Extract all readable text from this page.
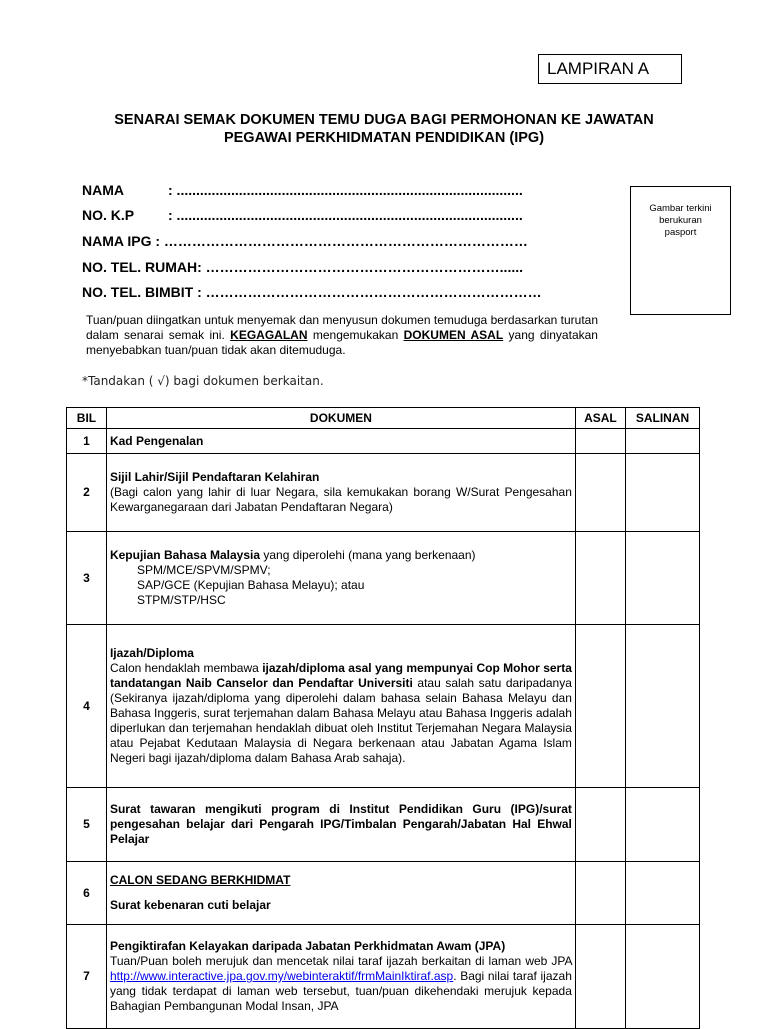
LAMPIRAN A
SENARAI SEMAK DOKUMEN TEMU DUGA BAGI PERMOHONAN KE JAWATAN
PEGAWAI PERKHIDMATAN PENDIDIKAN (IPG)
NAMA	: .........................................................................................
NO. K.P : .........................................................................................
NAMA IPG : ……………………………………………………………………
NO. TEL. RUMAH: ………………………………………………………......
NO. TEL. BIMBIT : ………………………………………………………………
Gambar terkini berukuran pasport
Tuan/puan diingatkan untuk menyemak dan menyusun dokumen temuduga berdasarkan turutan dalam senarai semak ini. KEGAGALAN mengemukakan DOKUMEN ASAL yang dinyatakan menyebabkan tuan/puan tidak akan ditemuduga.
*Tandakan ( √) bagi dokumen berkaitan.
BIL	DOKUMEN	ASAL	SALINAN
1	Kad Pengenalan		
2	Sijil Lahir/Sijil Pendaftaran Kelahiran
(Bagi calon yang lahir di luar Negara, sila kemukakan borang W/Surat Pengesahan Kewarganegaraan dari Jabatan Pendaftaran Negara)		

3	Kepujian Bahasa Malaysia yang diperolehi (mana yang berkenaan)
SPM/MCE/SPVM/SPMV;
SAP/GCE (Kepujian Bahasa Melayu); atau
STPM/STP/HSC		

4	Ijazah/Diploma
Calon hendaklah membawa ijazah/diploma asal yang mempunyai Cop Mohor serta tandatangan Naib Canselor dan Pendaftar Universiti atau salah satu daripadanya (Sekiranya ijazah/diploma yang diperolehi dalam bahasa selain Bahasa Melayu dan Bahasa Inggeris, surat terjemahan dalam Bahasa Melayu atau Bahasa Inggeris adalah diperlukan dan terjemahan hendaklah dibuat oleh Institut Terjemahan Negara Malaysia atau Pejabat Kedutaan Malaysia di Negara berkenaan atau Jabatan Agama Islam Negeri bagi ijazah/diploma dalam Bahasa Arab sahaja).		

5	Surat tawaran mengikuti program di Institut Pendidikan Guru (IPG)/surat pengesahan belajar dari Pengarah IPG/Timbalan Pengarah/Jabatan Hal Ehwal Pelajar		
6	CALON SEDANG BERKHIDMAT
Surat kebenaran cuti belajar		

7	Pengiktirafan Kelayakan daripada Jabatan Perkhidmatan Awam (JPA)
Tuan/Puan boleh merujuk dan mencetak nilai taraf ijazah berkaitan di laman web JPA http://www.interactive.jpa.gov.my/webinteraktif/frmMainIktiraf.asp. Bagi nilai taraf ijazah yang tidak terdapat di laman web tersebut, tuan/puan dikehendaki merujuk kepada Bahagian Pembangunan Modal Insan, JPA		
